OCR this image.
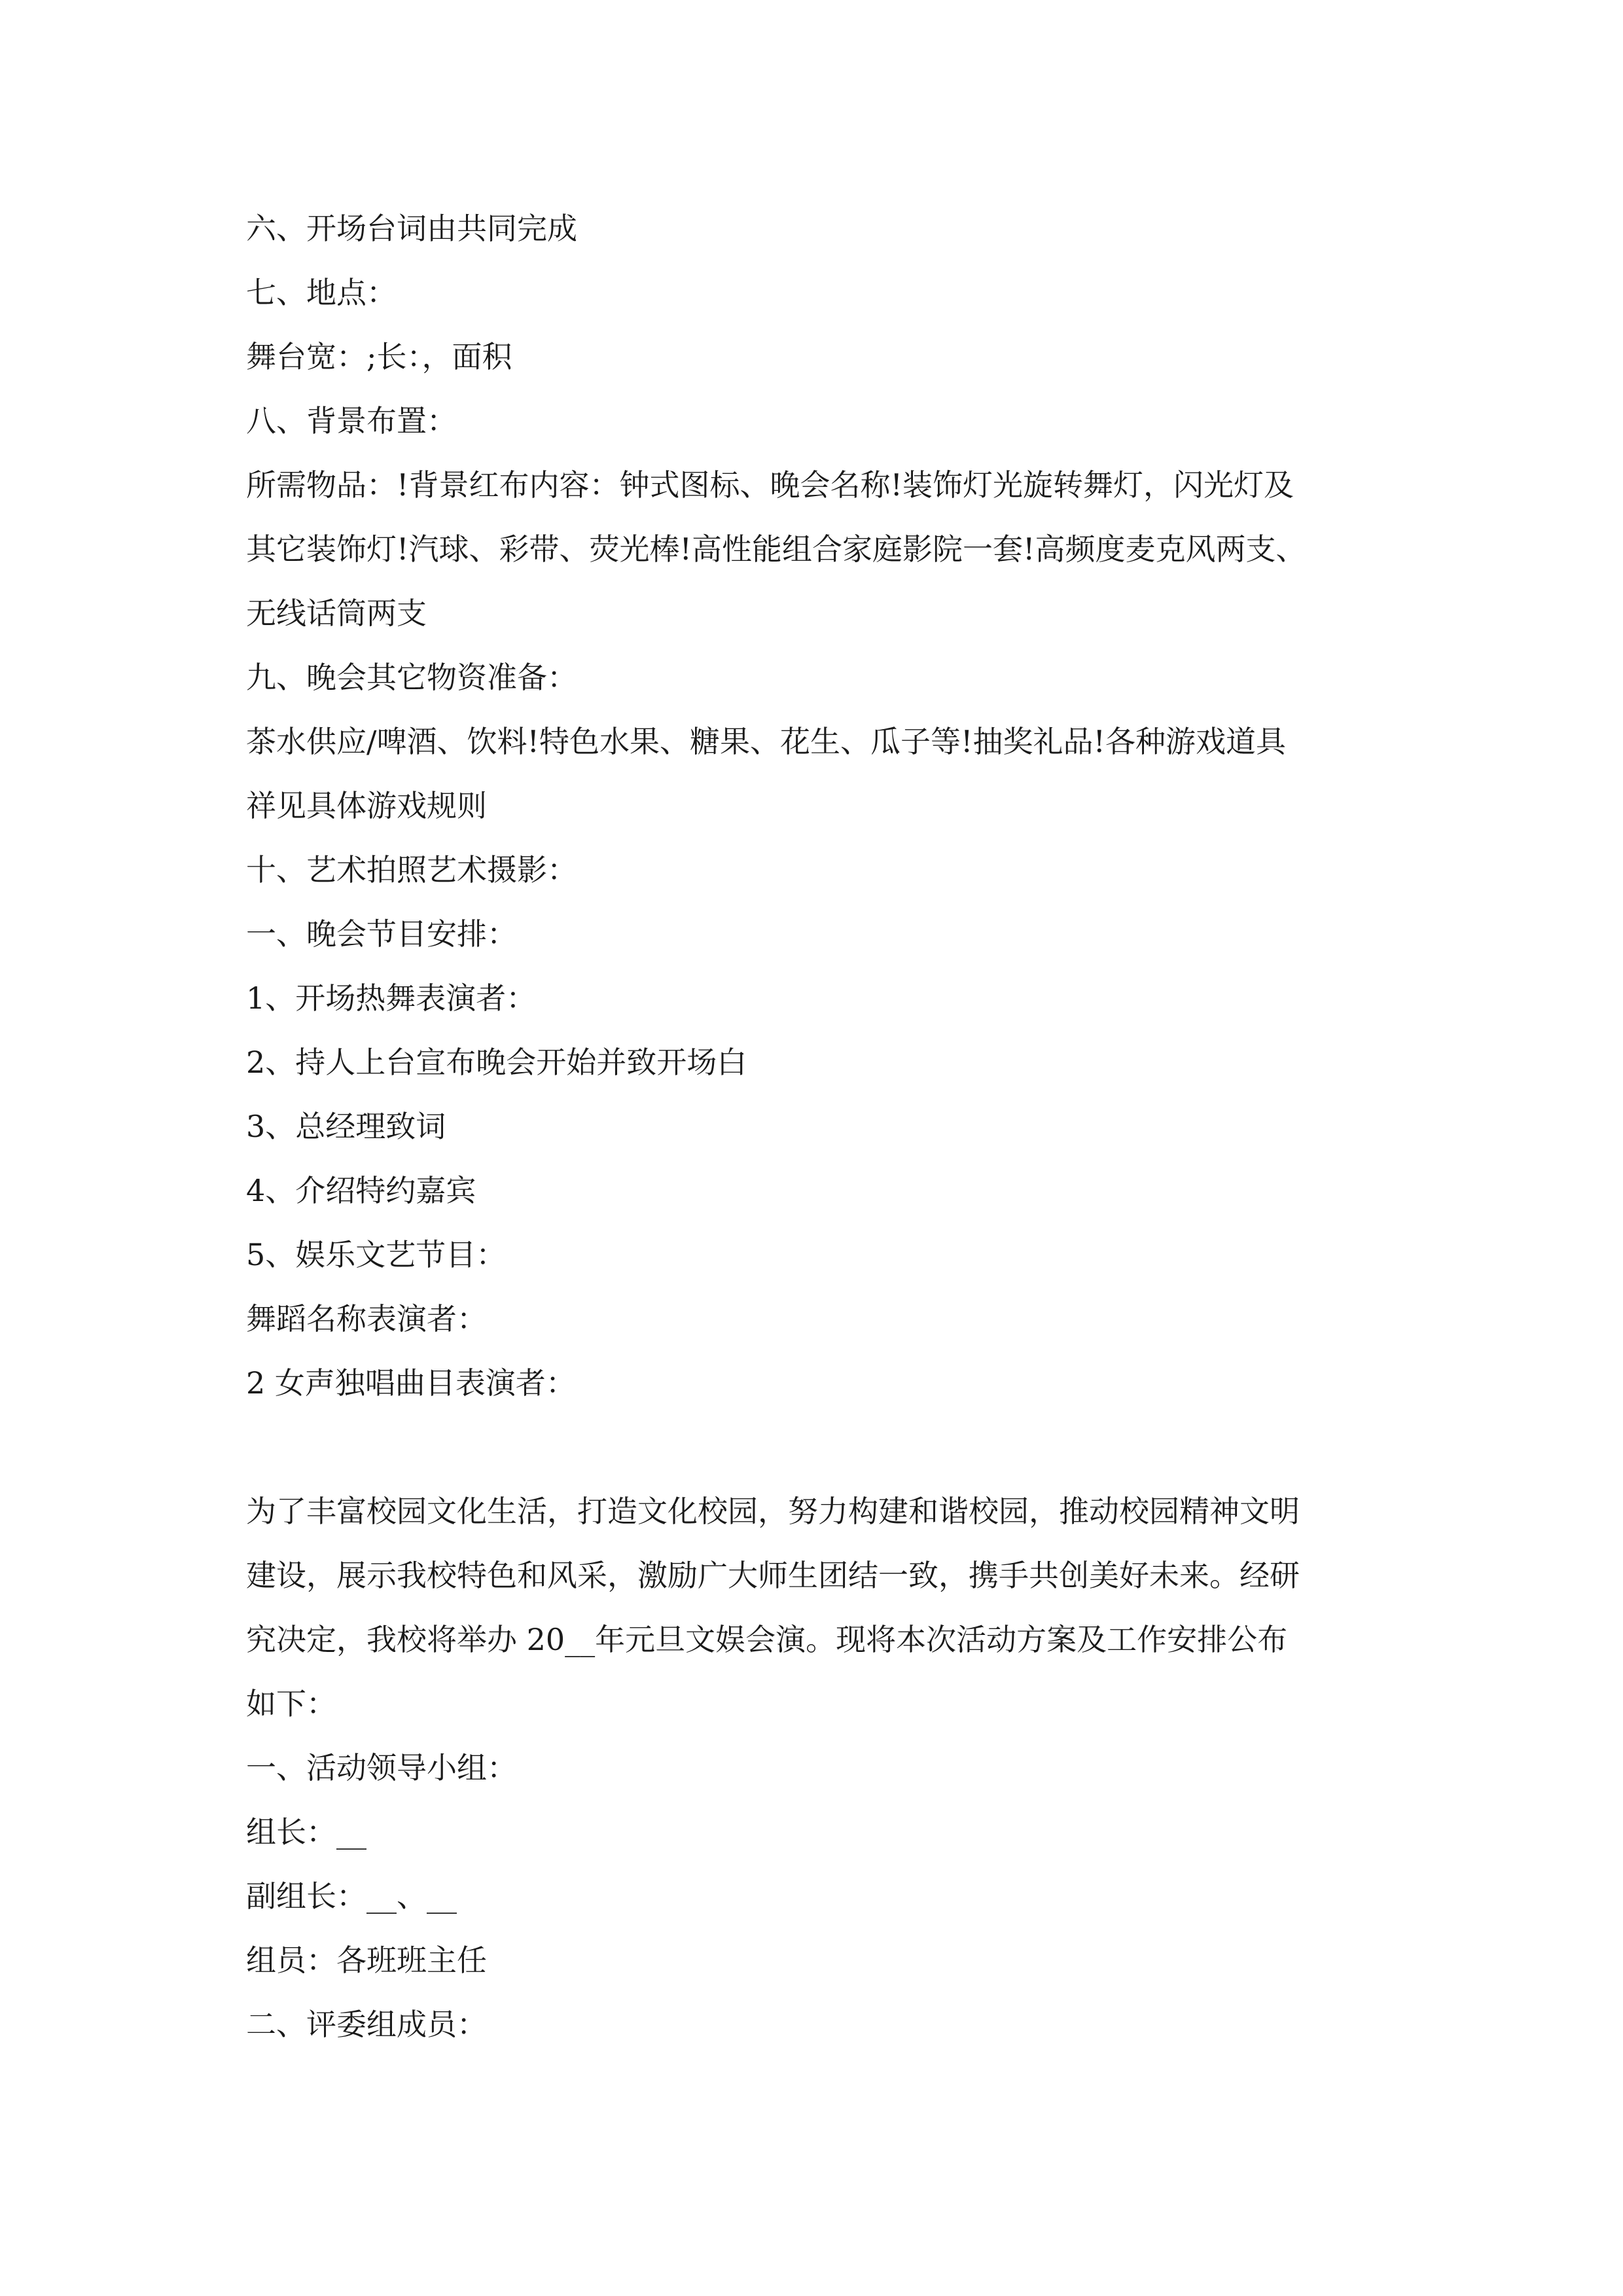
六、开场台词由共同完成

七、地点：

舞台宽：;长：，面积

八、背景布置：

所需物品：!背景红布内容：钟式图标、晚会名称!装饰灯光旋转舞灯，闪光灯及

其它装饰灯!汽球、彩带、荧光棒!高性能组合家庭影院一套!高频度麦克风两支、

无线话筒两支

九、晚会其它物资准备：

茶水供应/啤酒、饮料!特色水果、糖果、花生、瓜子等!抽奖礼品!各种游戏道具

祥见具体游戏规则

十、艺术拍照艺术摄影：

一、晚会节目安排：

1、开场热舞表演者：

2、持人上台宣布晚会开始并致开场白

3、总经理致词

4、介绍特约嘉宾

5、娱乐文艺节目：

舞蹈名称表演者：

2 女声独唱曲目表演者：

为了丰富校园文化生活，打造文化校园，努力构建和谐校园，推动校园精神文明

建设，展示我校特色和风采，激励广大师生团结一致，携手共创美好未来。经研

究决定，我校将举办 20__年元旦文娱会演。现将本次活动方案及工作安排公布

如下：

一、活动领导小组：

组长：__

副组长：__、__

组员：各班班主任

二、评委组成员：
